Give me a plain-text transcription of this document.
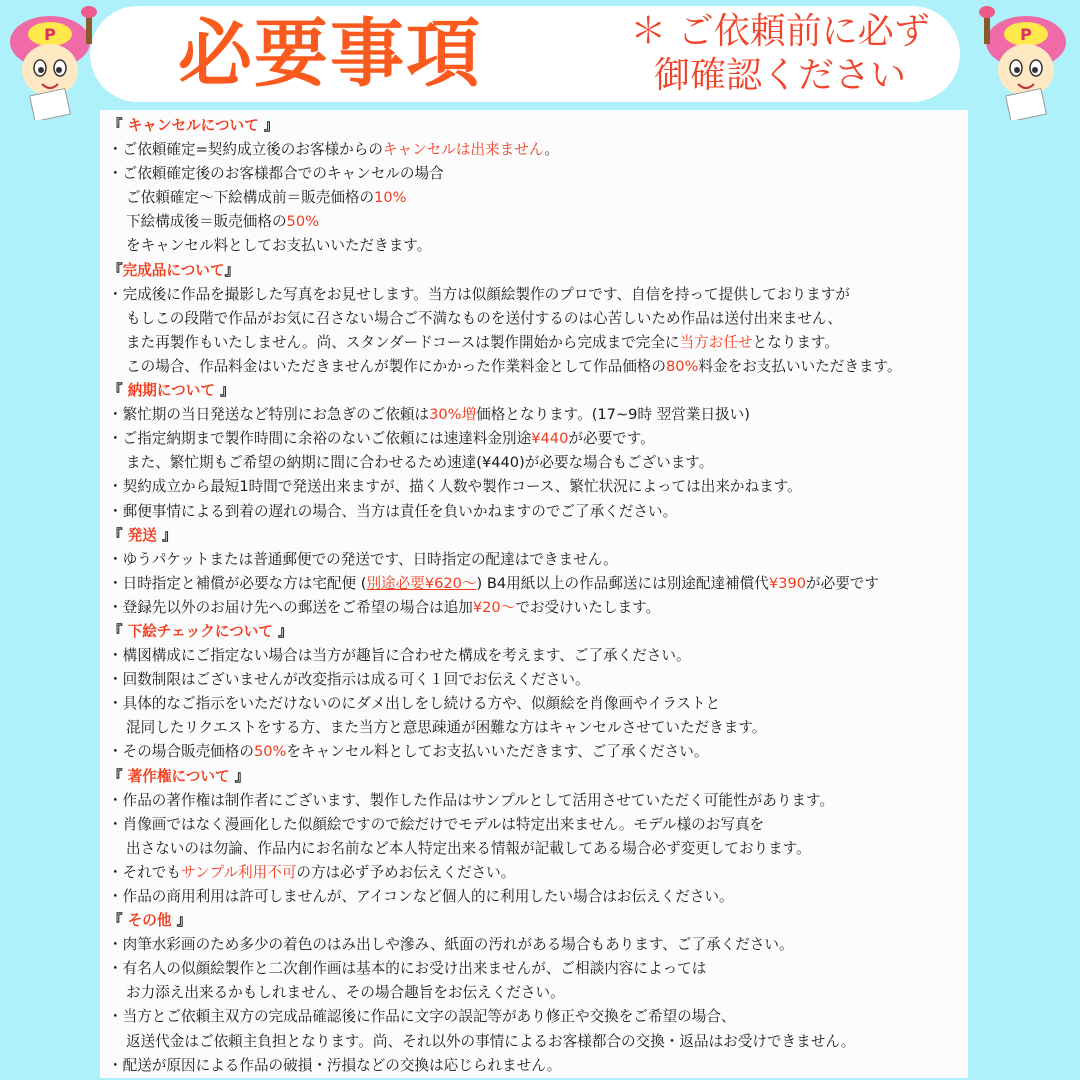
P	P
必要事項	＊ ご依頼前に必ず
御確認ください
『 キャンセルについて 』
・ご依頼確定=契約成立後のお客様からのキャンセルは出来ません。
・ご依頼確定後のお客様都合でのキャンセルの場合
ご依頼確定〜下絵構成前＝販売価格の10%
下絵構成後＝販売価格の50%
をキャンセル料としてお支払いいただきます。
『完成品について』
・完成後に作品を撮影した写真をお見せします。当方は似顔絵製作のプロです、自信を持って提供しておりますが
もしこの段階で作品がお気に召さない場合ご不満なものを送付するのは心苦しいため作品は送付出来ません、
また再製作もいたしません。尚、スタンダードコースは製作開始から完成まで完全に当方お任せとなります。
この場合、作品料金はいただきませんが製作にかかった作業料金として作品価格の80%料金をお支払いいただきます。
『 納期について 』
・繁忙期の当日発送など特別にお急ぎのご依頼は30%増価格となります。(17~9時 翌営業日扱い)
・ご指定納期まで製作時間に余裕のないご依頼には速達料金別途¥440が必要です。
また、繁忙期もご希望の納期に間に合わせるため速達(¥440)が必要な場合もございます。
・契約成立から最短1時間で発送出来ますが、描く人数や製作コース、繁忙状況によっては出来かねます。
・郵便事情による到着の遅れの場合、当方は責任を負いかねますのでご了承ください。
『 発送 』
・ゆうパケットまたは普通郵便での発送です、日時指定の配達はできません。
・日時指定と補償が必要な方は宅配便 (別途必要¥620〜) B4用紙以上の作品郵送には別途配達補償代¥390が必要です
・登録先以外のお届け先への郵送をご希望の場合は追加¥20〜でお受けいたします。
『 下絵チェックについて 』
・構図構成にご指定ない場合は当方が趣旨に合わせた構成を考えます、ご了承ください。
・回数制限はございませんが改変指示は成る可く１回でお伝えください。
・具体的なご指示をいただけないのにダメ出しをし続ける方や、似顔絵を肖像画やイラストと
混同したリクエストをする方、また当方と意思疎通が困難な方はキャンセルさせていただきます。
・その場合販売価格の50%をキャンセル料としてお支払いいただきます、ご了承ください。
『 著作権について 』
・作品の著作権は制作者にございます、製作した作品はサンプルとして活用させていただく可能性があります。
・肖像画ではなく漫画化した似顔絵ですので絵だけでモデルは特定出来ません。モデル様のお写真を
出さないのは勿論、作品内にお名前など本人特定出来る情報が記載してある場合必ず変更しております。
・それでもサンプル利用不可の方は必ず予めお伝えください。
・作品の商用利用は許可しませんが、アイコンなど個人的に利用したい場合はお伝えください。
『 その他 』
・肉筆水彩画のため多少の着色のはみ出しや滲み、紙面の汚れがある場合もあります、ご了承ください。
・有名人の似顔絵製作と二次創作画は基本的にお受け出来ませんが、ご相談内容によっては
お力添え出来るかもしれません、その場合趣旨をお伝えください。
・当方とご依頼主双方の完成品確認後に作品に文字の誤記等があり修正や交換をご希望の場合、
返送代金はご依頼主負担となります。尚、それ以外の事情によるお客様都合の交換・返品はお受けできません。
・配送が原因による作品の破損・汚損などの交換は応じられません。
